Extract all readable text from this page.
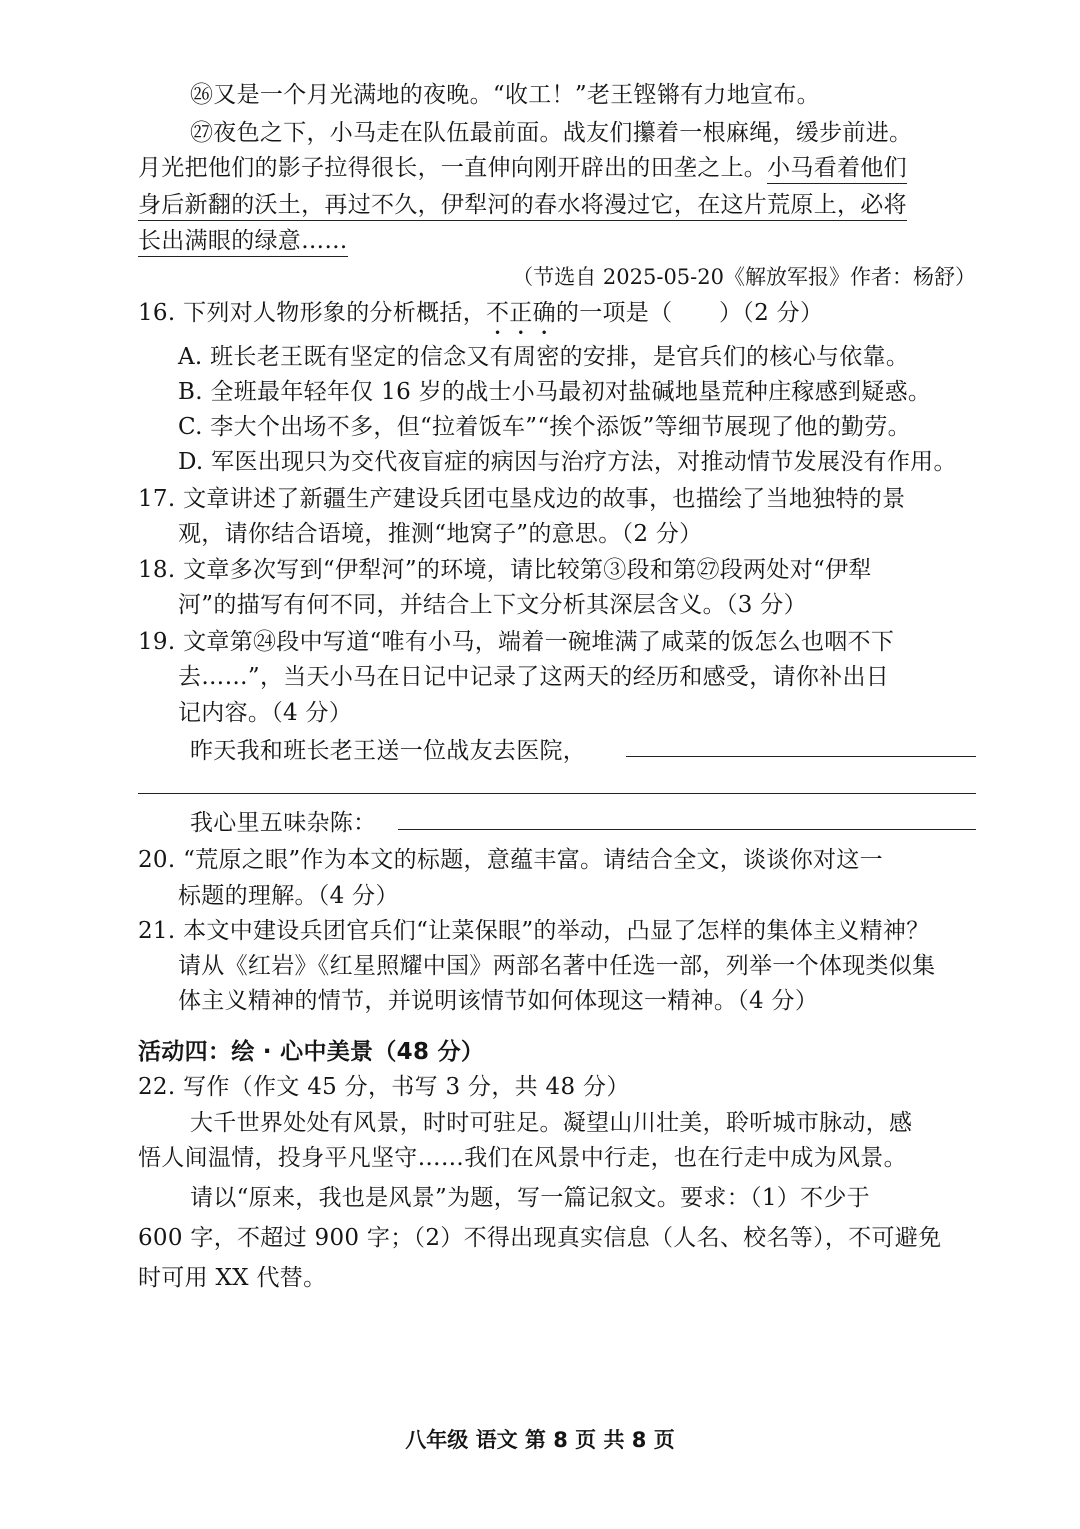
㉖又是一个月光满地的夜晚。“收工！”老王铿锵有力地宣布。
㉗夜色之下，小马走在队伍最前面。战友们攥着一根麻绳，缓步前进。
月光把他们的影子拉得很长，一直伸向刚开辟出的田垄之上。小马看着他们
身后新翻的沃土，再过不久，伊犁河的春水将漫过它，在这片荒原上，必将
长出满眼的绿意……
（节选自 2025-05-20《解放军报》作者：杨舒）
16. 下列对人物形象的分析概括，不正确的一项是（　　）（2 分）
A. 班长老王既有坚定的信念又有周密的安排，是官兵们的核心与依靠。
B. 全班最年轻年仅 16 岁的战士小马最初对盐碱地垦荒种庄稼感到疑惑。
C. 李大个出场不多，但“拉着饭车”“挨个添饭”等细节展现了他的勤劳。
D. 军医出现只为交代夜盲症的病因与治疗方法，对推动情节发展没有作用。
17. 文章讲述了新疆生产建设兵团屯垦戍边的故事，也描绘了当地独特的景
观，请你结合语境，推测“地窝子”的意思。（2 分）
18. 文章多次写到“伊犁河”的环境，请比较第③段和第㉗段两处对“伊犁
河”的描写有何不同，并结合上下文分析其深层含义。（3 分）
19. 文章第㉔段中写道“唯有小马，端着一碗堆满了咸菜的饭怎么也咽不下
去……”，当天小马在日记中记录了这两天的经历和感受，请你补出日
记内容。（4 分）
昨天我和班长老王送一位战友去医院，
我心里五味杂陈：
20. “荒原之眼”作为本文的标题，意蕴丰富。请结合全文，谈谈你对这一
标题的理解。（4 分）
21. 本文中建设兵团官兵们“让菜保眼”的举动，凸显了怎样的集体主义精神？
请从《红岩》《红星照耀中国》两部名著中任选一部，列举一个体现类似集
体主义精神的情节，并说明该情节如何体现这一精神。（4 分）
活动四：绘 · 心中美景（48 分）
22. 写作（作文 45 分，书写 3 分，共 48 分）
大千世界处处有风景，时时可驻足。凝望山川壮美，聆听城市脉动，感
悟人间温情，投身平凡坚守……我们在风景中行走，也在行走中成为风景。
请以“原来，我也是风景”为题，写一篇记叙文。要求：（1）不少于
600 字，不超过 900 字；（2）不得出现真实信息（人名、校名等），不可避免
时可用 XX 代替。
八年级 语文 第 8 页 共 8 页
